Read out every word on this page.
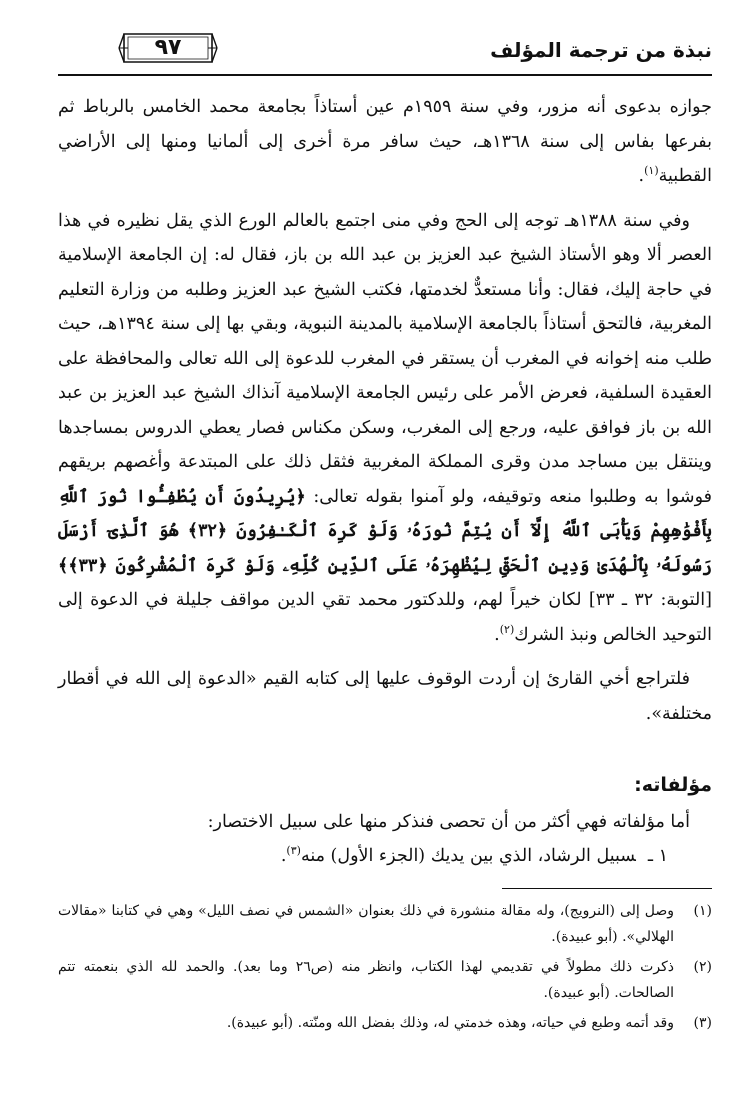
نبذة من ترجمة المؤلف
٩٧

جوازه بدعوى أنه مزور، وفي سنة ١٩٥٩م عين أستاذاً بجامعة محمد الخامس بالرباط ثم بفرعها بفاس إلى سنة ١٣٦٨هـ، حيث سافر مرة أخرى إلى ألمانيا ومنها إلى الأراضي القطبية$^{(١)}$.

وفي سنة ١٣٨٨هـ توجه إلى الحج وفي منى اجتمع بالعالم الورع الذي يقل نظيره في هذا العصر ألا وهو الأستاذ الشيخ عبد العزيز بن عبد الله بن باز، فقال له: إن الجامعة الإسلامية في حاجة إليك، فقال: وأنا مستعدٌّ لخدمتها، فكتب الشيخ عبد العزيز وطلبه من وزارة التعليم المغربية، فالتحق أستاذاً بالجامعة الإسلامية بالمدينة النبوية، وبقي بها إلى سنة ١٣٩٤هـ، حيث طلب منه إخوانه في المغرب أن يستقر في المغرب للدعوة إلى الله تعالى والمحافظة على العقيدة السلفية، فعرض الأمر على رئيس الجامعة الإسلامية آنذاك الشيخ عبد العزيز بن عبد الله بن باز فوافق عليه، ورجع إلى المغرب، وسكن مكناس فصار يعطي الدروس بمساجدها وينتقل بين مساجد مدن وقرى المملكة المغربية فثقل ذلك على المبتدعة وأغصهم بريقهم فوشوا به وطلبوا منعه وتوقيفه، ولو آمنوا بقوله تعالى: ﴿يُرِيدُونَ أَن يُطْفِـُٔوا نُورَ ٱللَّهِ بِأَفْوَٰهِهِمْ وَيَأْبَى ٱللَّهُ إِلَّآ أَن يُتِمَّ نُورَهُۥ وَلَوْ كَرِهَ ٱلْكَـٰفِرُونَ ﴿٣٢﴾ هُوَ ٱلَّذِىٓ أَرْسَلَ رَسُولَهُۥ بِٱلْهُدَىٰ وَدِينِ ٱلْحَقِّ لِيُظْهِرَهُۥ عَلَى ٱلدِّينِ كُلِّهِۦ وَلَوْ كَرِهَ ٱلْمُشْرِكُونَ ﴿٣٣﴾﴾ [التوبة: ٣٢ ـ ٣٣] لكان خيراً لهم، وللدكتور محمد تقي الدين مواقف جليلة في الدعوة إلى التوحيد الخالص ونبذ الشرك$^{(٢)}$.

فلتراجع أخي القارئ إن أردت الوقوف عليها إلى كتابه القيم «الدعوة إلى الله في أقطار مختلفة».

مؤلفاته:

أما مؤلفاته فهي أكثر من أن تحصى فنذكر منها على سبيل الاختصار:

١ ـسبيل الرشاد، الذي بين يديك (الجزء الأول) منه$^{(٣)}$.

(١)
وصل إلى (النرويج)، وله مقالة منشورة في ذلك بعنوان «الشمس في نصف الليل» وهي في كتابنا «مقالات الهلالي». (أبو عبيدة).

(٢)
ذكرت ذلك مطولاً في تقديمي لهذا الكتاب، وانظر منه (ص٢٦ وما بعد). والحمد لله الذي بنعمته تتم الصالحات. (أبو عبيدة).

(٣)
وقد أتمه وطبع في حياته، وهذه خدمتي له، وذلك بفضل الله ومنّته. (أبو عبيدة).
